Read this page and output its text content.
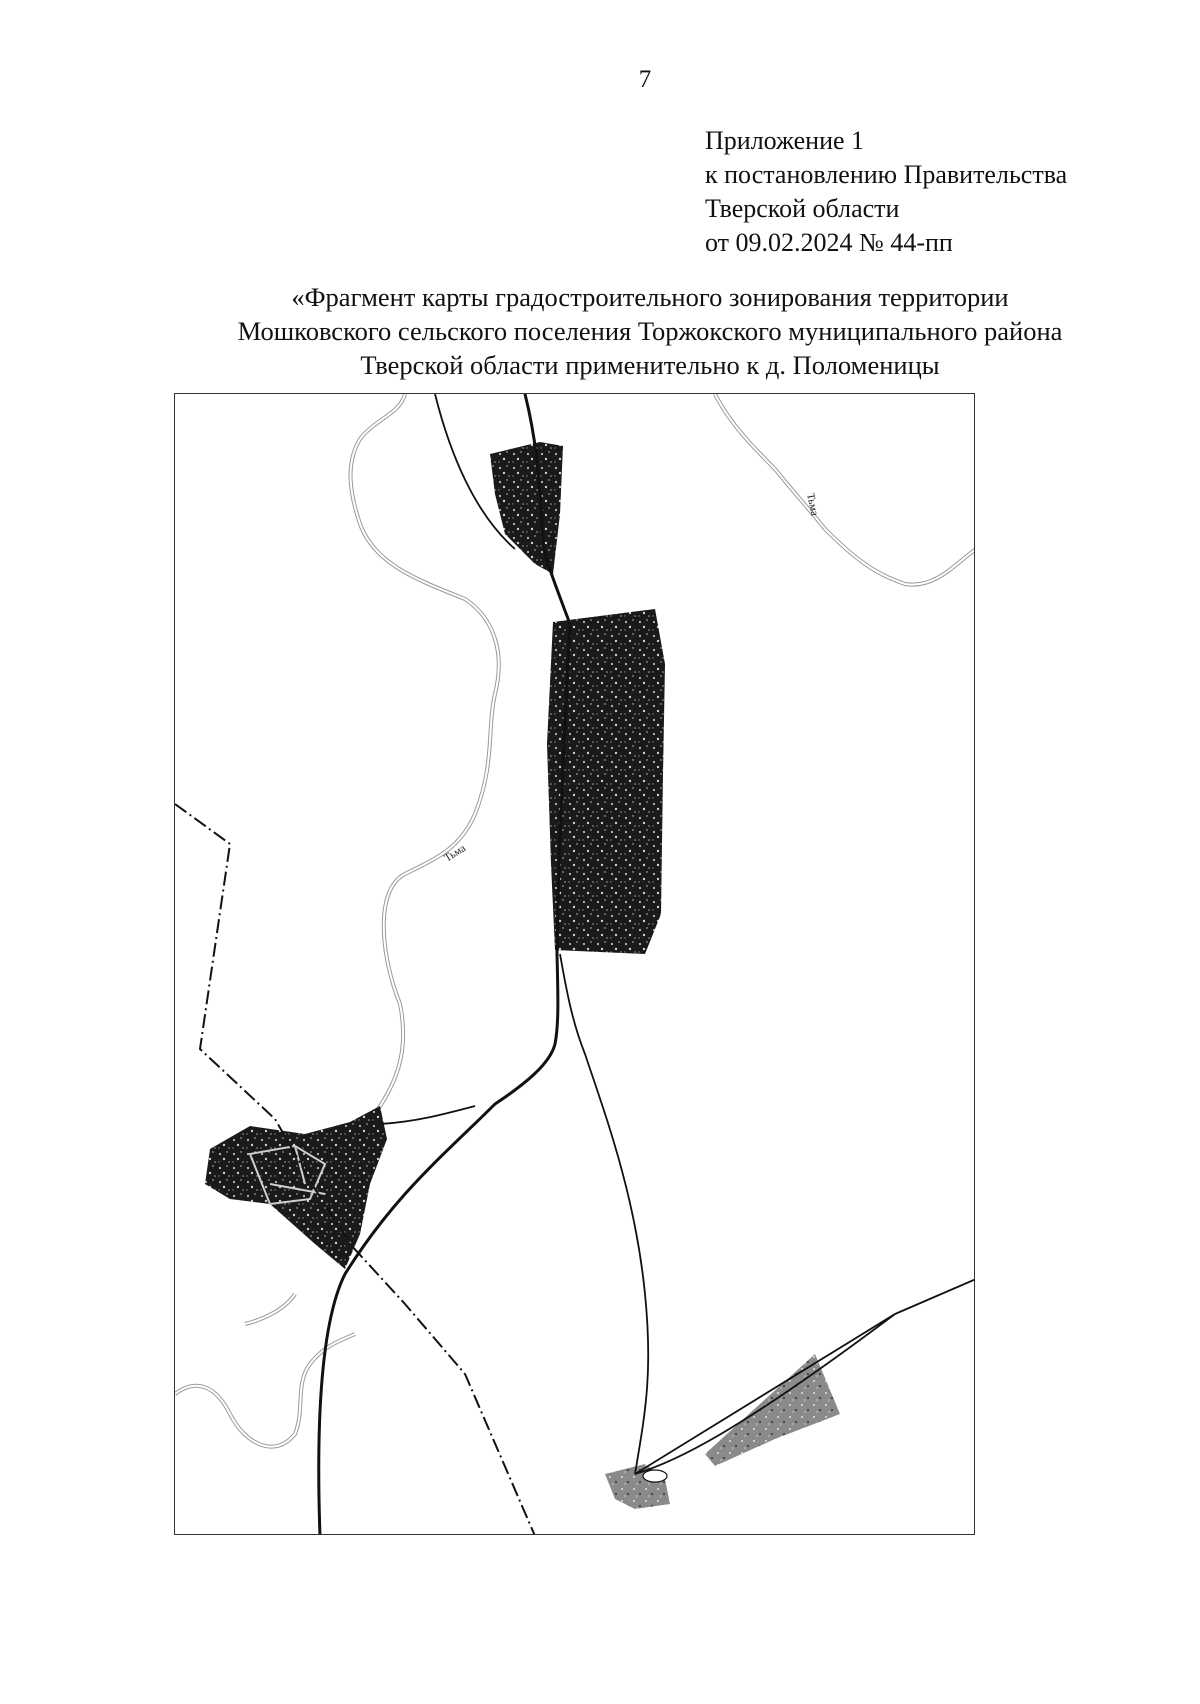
7
Приложение 1
к постановлению Правительства
Тверской области
от 09.02.2024 № 44-пп
«Фрагмент карты градостроительного зонирования территории
Мошковского сельского поселения Торжокского муниципального района
Тверской области применительно к д. Поломеницы
Тьма
Тьма
